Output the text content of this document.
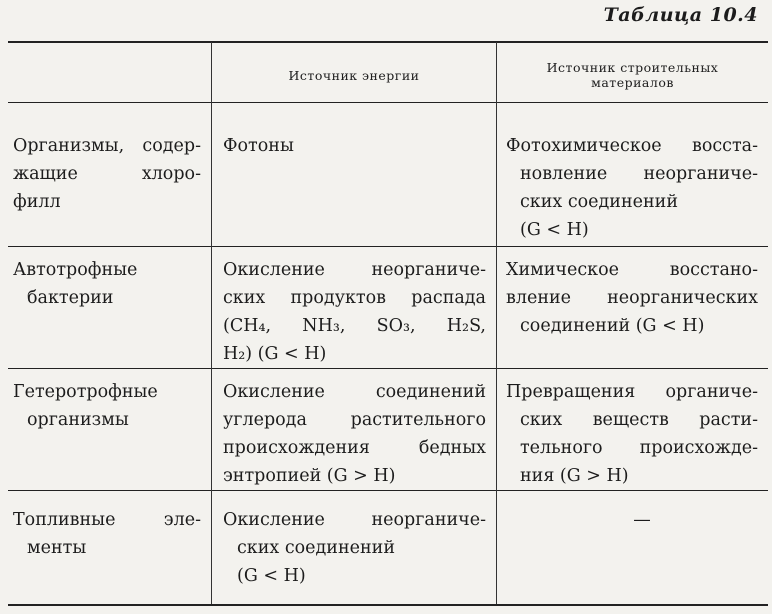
Таблица 10.4
Источник энергии	Источник строительных
материалов
Организмы, содер-
жащие хлоро-
филл
Фотоны	Фотохимическое восста-
новление неорганиче-
ских соединений
(G < H)
Автотрофные
бактерии
Окисление неорганиче-
ских продуктов распада
(CH₄, NH₃, SO₃, H₂S,
H₂) (G < H)
Химическое восстано-
вление неорганических
соединений (G < H)
Гетеротрофные
организмы
Окисление соединений
углерода растительного
происхождения бедных
энтропией (G > H)
Превращения органиче-
ских веществ расти-
тельного происхожде-
ния (G > H)
Топливные эле-
менты
Окисление неорганиче-
ских соединений
(G < H)
—
